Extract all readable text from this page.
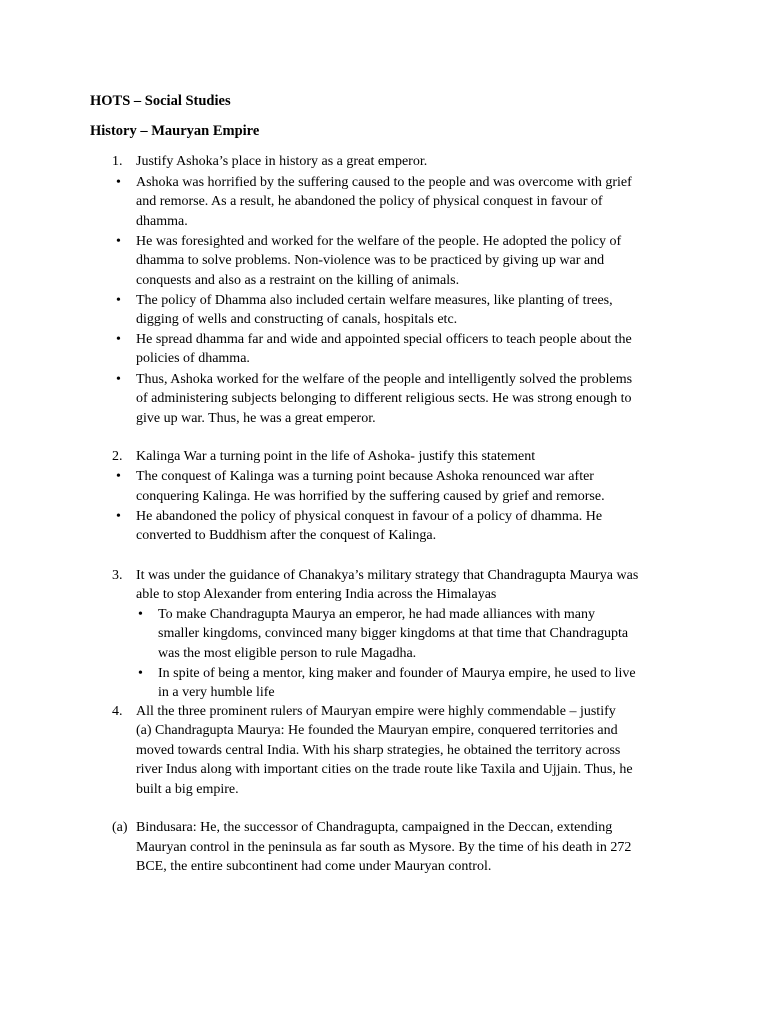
HOTS – Social Studies

History – Mauryan Empire

1. Justify Ashoka’s place in history as a great emperor.
•
Ashoka was horrified by the suffering caused to the people and was overcome with grief
and remorse. As a result, he abandoned the policy of physical conquest in favour of
dhamma.
•
He was foresighted and worked for the welfare of the people. He adopted the policy of
dhamma to solve problems. Non-violence was to be practiced by giving up war and
conquests and also as a restraint on the killing of animals.
•
The policy of Dhamma also included certain welfare measures, like planting of trees,
digging of wells and constructing of canals, hospitals etc.
•
He spread dhamma far and wide and appointed special officers to teach people about the
policies of dhamma.
•
Thus, Ashoka worked for the welfare of the people and intelligently solved the problems
of administering subjects belonging to different religious sects. He was strong enough to
give up war. Thus, he was a great emperor.
2. Kalinga War a turning point in the life of Ashoka- justify this statement
•
The conquest of Kalinga was a turning point because Ashoka renounced war after
conquering Kalinga. He was horrified by the suffering caused by grief and remorse.
•
He abandoned the policy of physical conquest in favour of a policy of dhamma. He
converted to Buddhism after the conquest of Kalinga.
3. It was under the guidance of Chanakya’s military strategy that Chandragupta Maurya was
able to stop Alexander from entering India across the Himalayas
•
To make Chandragupta Maurya an emperor, he had made alliances with many
smaller kingdoms, convinced many bigger kingdoms at that time that Chandragupta
was the most eligible person to rule Magadha.
•
In spite of being a mentor, king maker and founder of Maurya empire, he used to live
in a very humble life
4. All the three prominent rulers of Mauryan empire were highly commendable – justify
(a) Chandragupta Maurya: He founded the Mauryan empire, conquered territories and
moved towards central India. With his sharp strategies, he obtained the territory across
river Indus along with important cities on the trade route like Taxila and Ujjain. Thus, he
built a big empire.
(a) Bindusara: He, the successor of Chandragupta, campaigned in the Deccan, extending
Mauryan control in the peninsula as far south as Mysore. By the time of his death in 272
BCE, the entire subcontinent had come under Mauryan control.
